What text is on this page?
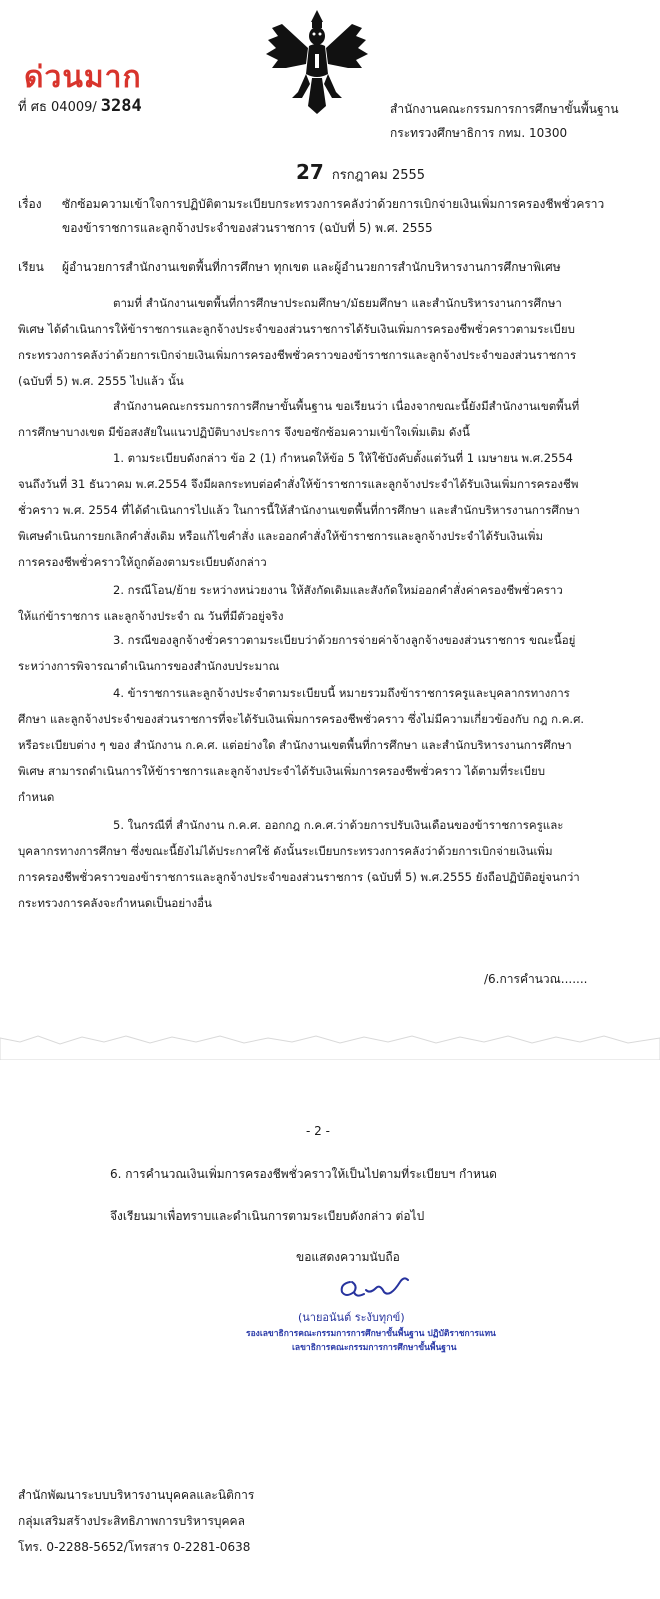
ด่วนมาก
ที่ ศธ 04009/ 3284	สำนักงานคณะกรรมการการศึกษาขั้นพื้นฐาน
กระทรวงศึกษาธิการ กทม. 10300
27 กรกฎาคม 2555
เรื่อง ซักซ้อมความเข้าใจการปฏิบัติตามระเบียบกระทรวงการคลังว่าด้วยการเบิกจ่ายเงินเพิ่มการครองชีพชั่วคราว
ของข้าราชการและลูกจ้างประจำของส่วนราชการ (ฉบับที่ 5) พ.ศ. 2555
เรียน ผู้อำนวยการสำนักงานเขตพื้นที่การศึกษา ทุกเขต และผู้อำนวยการสำนักบริหารงานการศึกษาพิเศษ
ตามที่ สำนักงานเขตพื้นที่การศึกษาประถมศึกษา/มัธยมศึกษา และสำนักบริหารงานการศึกษา
พิเศษ ได้ดำเนินการให้ข้าราชการและลูกจ้างประจำของส่วนราชการได้รับเงินเพิ่มการครองชีพชั่วคราวตามระเบียบ
กระทรวงการคลังว่าด้วยการเบิกจ่ายเงินเพิ่มการครองชีพชั่วคราวของข้าราชการและลูกจ้างประจำของส่วนราชการ
(ฉบับที่ 5) พ.ศ. 2555 ไปแล้ว นั้น
สำนักงานคณะกรรมการการศึกษาขั้นพื้นฐาน ขอเรียนว่า เนื่องจากขณะนี้ยังมีสำนักงานเขตพื้นที่
การศึกษาบางเขต มีข้อสงสัยในแนวปฏิบัติบางประการ จึงขอซักซ้อมความเข้าใจเพิ่มเติม ดังนี้
1. ตามระเบียบดังกล่าว ข้อ 2 (1) กำหนดให้ข้อ 5 ให้ใช้บังคับตั้งแต่วันที่ 1 เมษายน พ.ศ.2554
จนถึงวันที่ 31 ธันวาคม พ.ศ.2554 จึงมีผลกระทบต่อคำสั่งให้ข้าราชการและลูกจ้างประจำได้รับเงินเพิ่มการครองชีพ
ชั่วคราว พ.ศ. 2554 ที่ได้ดำเนินการไปแล้ว ในการนี้ให้สำนักงานเขตพื้นที่การศึกษา และสำนักบริหารงานการศึกษา
พิเศษดำเนินการยกเลิกคำสั่งเดิม หรือแก้ไขคำสั่ง และออกคำสั่งให้ข้าราชการและลูกจ้างประจำได้รับเงินเพิ่ม
การครองชีพชั่วคราวให้ถูกต้องตามระเบียบดังกล่าว
2. กรณีโอน/ย้าย ระหว่างหน่วยงาน ให้สังกัดเดิมและสังกัดใหม่ออกคำสั่งค่าครองชีพชั่วคราว
ให้แก่ข้าราชการ และลูกจ้างประจำ ณ วันที่มีตัวอยู่จริง
3. กรณีของลูกจ้างชั่วคราวตามระเบียบว่าด้วยการจ่ายค่าจ้างลูกจ้างของส่วนราชการ ขณะนี้อยู่
ระหว่างการพิจารณาดำเนินการของสำนักงบประมาณ
4. ข้าราชการและลูกจ้างประจำตามระเบียบนี้ หมายรวมถึงข้าราชการครูและบุคลากรทางการ
ศึกษา และลูกจ้างประจำของส่วนราชการที่จะได้รับเงินเพิ่มการครองชีพชั่วคราว ซึ่งไม่มีความเกี่ยวข้องกับ กฎ ก.ค.ศ.
หรือระเบียบต่าง ๆ ของ สำนักงาน ก.ค.ศ. แต่อย่างใด สำนักงานเขตพื้นที่การศึกษา และสำนักบริหารงานการศึกษา
พิเศษ สามารถดำเนินการให้ข้าราชการและลูกจ้างประจำได้รับเงินเพิ่มการครองชีพชั่วคราว ได้ตามที่ระเบียบ
กำหนด
5. ในกรณีที่ สำนักงาน ก.ค.ศ. ออกกฎ ก.ค.ศ.ว่าด้วยการปรับเงินเดือนของข้าราชการครูและ
บุคลากรทางการศึกษา ซึ่งขณะนี้ยังไม่ได้ประกาศใช้ ดังนั้นระเบียบกระทรวงการคลังว่าด้วยการเบิกจ่ายเงินเพิ่ม
การครองชีพชั่วคราวของข้าราชการและลูกจ้างประจำของส่วนราชการ (ฉบับที่ 5) พ.ศ.2555 ยังถือปฏิบัติอยู่จนกว่า
กระทรวงการคลังจะกำหนดเป็นอย่างอื่น
/6.การคำนวณ.......
- 2 -
6. การคำนวณเงินเพิ่มการครองชีพชั่วคราวให้เป็นไปตามที่ระเบียบฯ กำหนด
จึงเรียนมาเพื่อทราบและดำเนินการตามระเบียบดังกล่าว ต่อไป
ขอแสดงความนับถือ
(นายอนันต์ ระงับทุกข์)
รองเลขาธิการคณะกรรมการการศึกษาขั้นพื้นฐาน ปฏิบัติราชการแทน
เลขาธิการคณะกรรมการการศึกษาขั้นพื้นฐาน
สำนักพัฒนาระบบบริหารงานบุคคลและนิติการ
กลุ่มเสริมสร้างประสิทธิภาพการบริหารบุคคล
โทร. 0-2288-5652/โทรสาร 0-2281-0638
